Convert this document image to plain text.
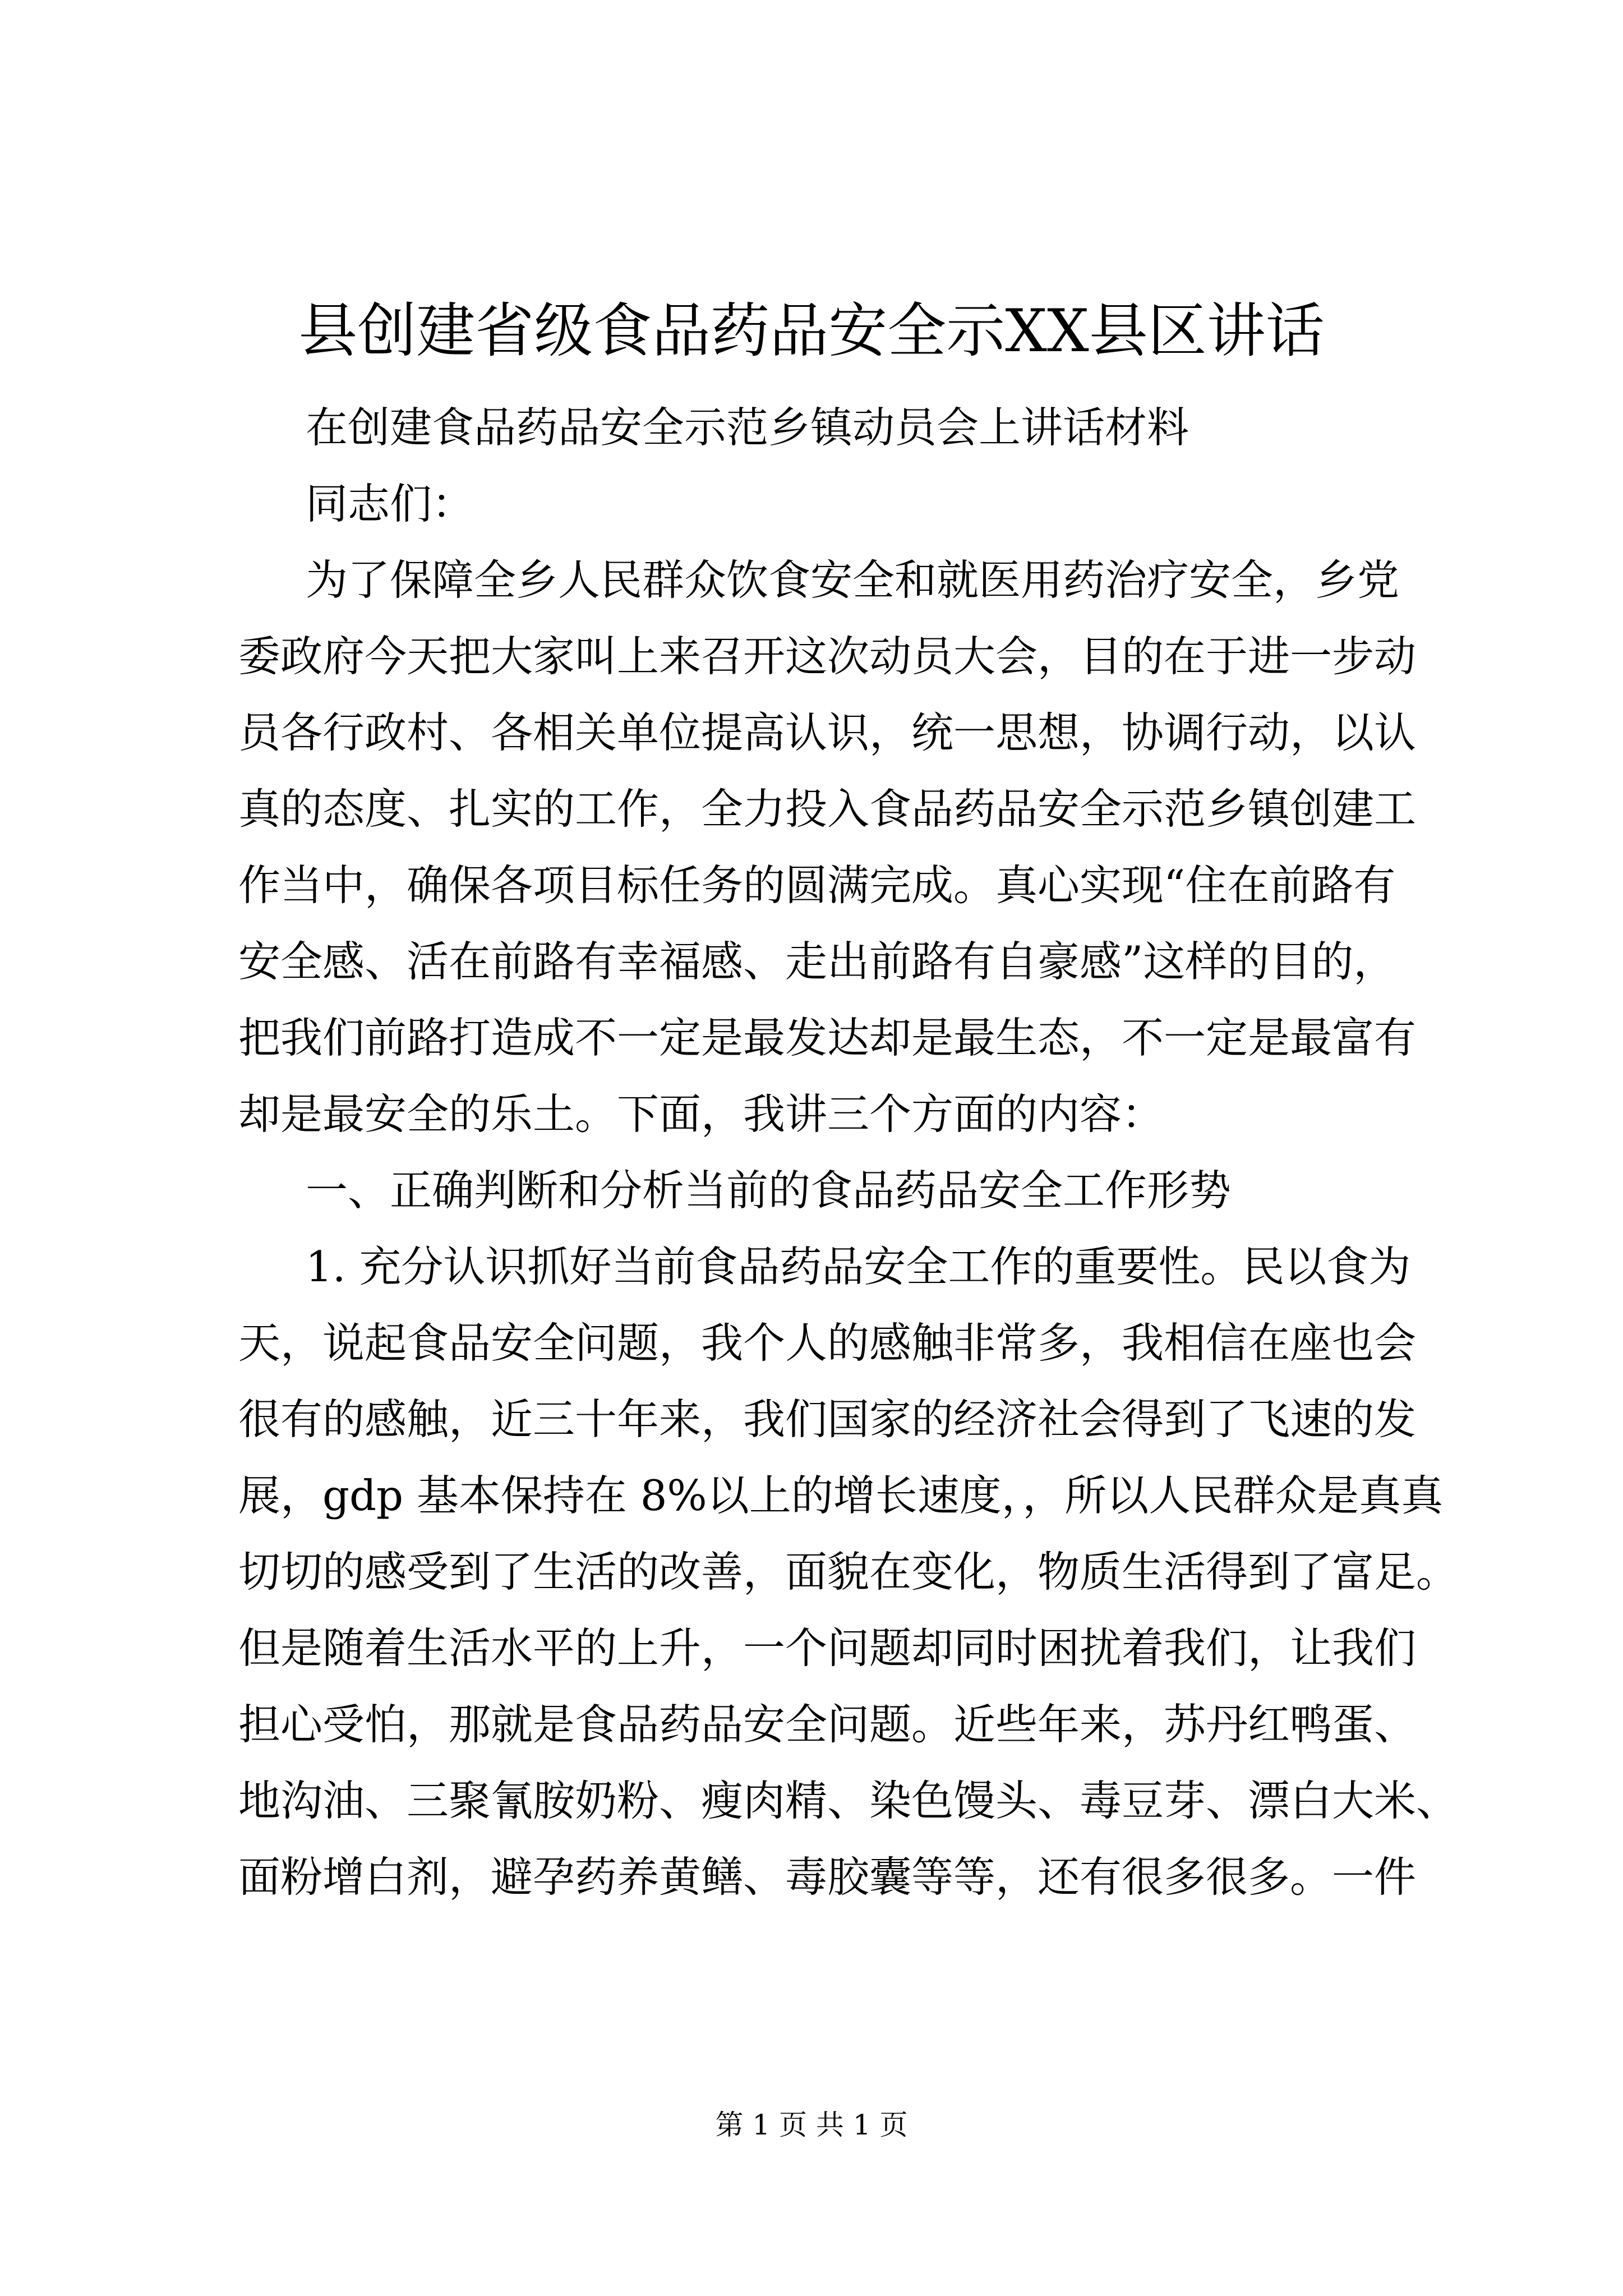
县创建省级食品药品安全示XX县区讲话

在创建食品药品安全示范乡镇动员会上讲话材料

同志们：

为了保障全乡人民群众饮食安全和就医用药治疗安全，乡党

委政府今天把大家叫上来召开这次动员大会，目的在于进一步动

员各行政村、各相关单位提高认识，统一思想，协调行动，以认

真的态度、扎实的工作，全力投入食品药品安全示范乡镇创建工

作当中，确保各项目标任务的圆满完成。真心实现“住在前路有

安全感、活在前路有幸福感、走出前路有自豪感”这样的目的，

把我们前路打造成不一定是最发达却是最生态，不一定是最富有

却是最安全的乐土。下面，我讲三个方面的内容：

一、正确判断和分析当前的食品药品安全工作形势

1. 充分认识抓好当前食品药品安全工作的重要性。民以食为

天，说起食品安全问题，我个人的感触非常多，我相信在座也会

很有的感触，近三十年来，我们国家的经济社会得到了飞速的发

展，gdp 基本保持在 8%以上的增长速度，，所以人民群众是真真

切切的感受到了生活的改善，面貌在变化，物质生活得到了富足。

但是随着生活水平的上升，一个问题却同时困扰着我们，让我们

担心受怕，那就是食品药品安全问题。近些年来，苏丹红鸭蛋、

地沟油、三聚氰胺奶粉、瘦肉精、染色馒头、毒豆芽、漂白大米、

面粉增白剂，避孕药养黄鳝、毒胶囊等等，还有很多很多。一件

第 1 页 共 1 页
